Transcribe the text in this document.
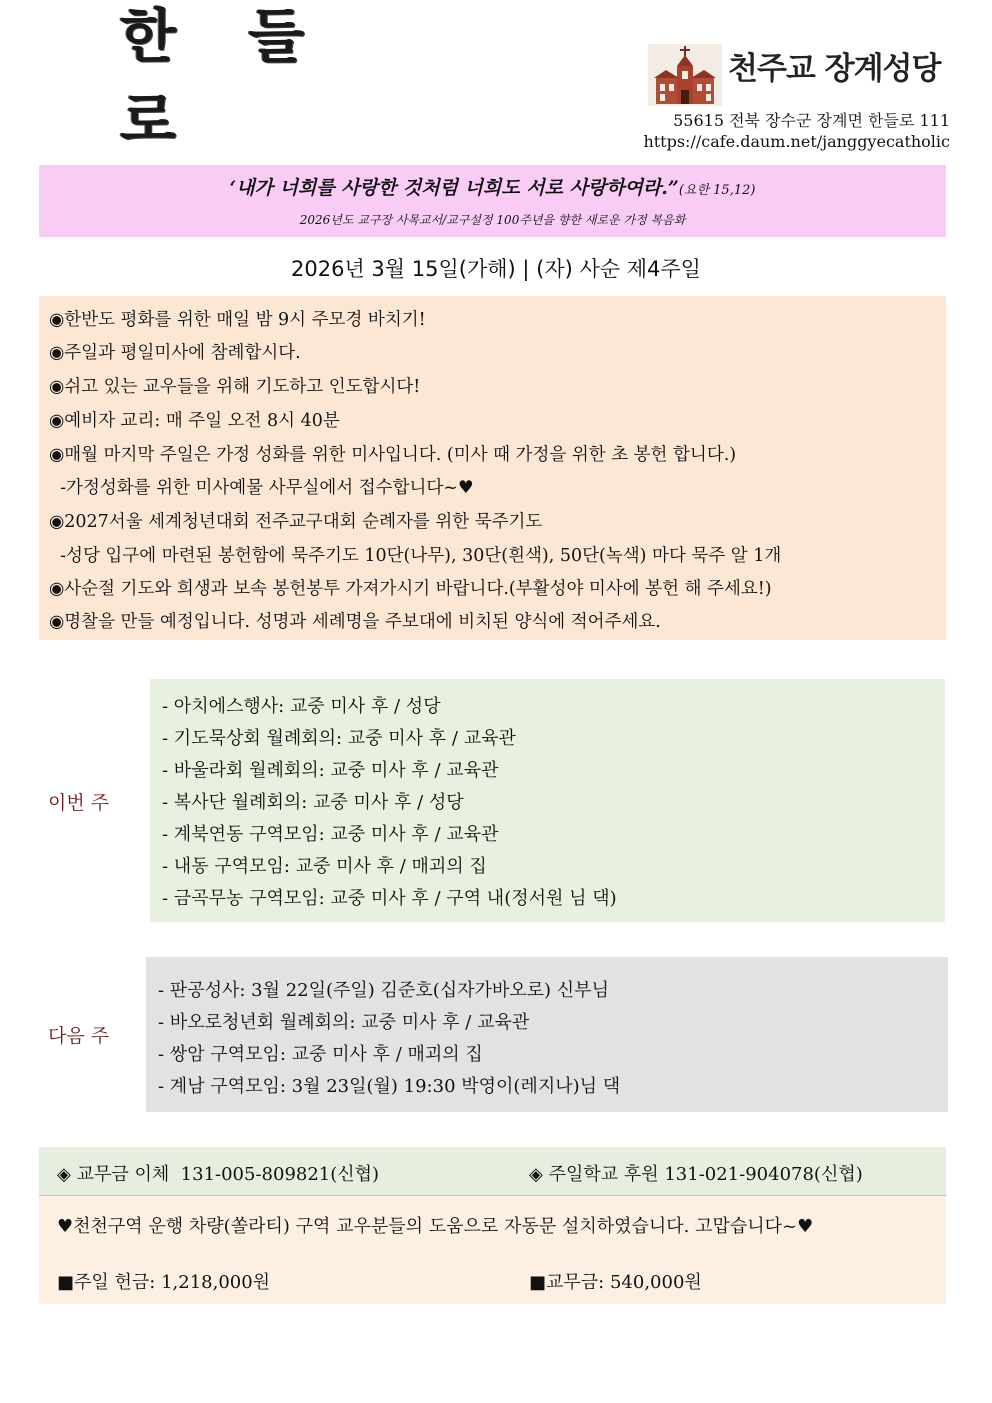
한 들 로
천주교 장계성당
55615 전북 장수군 장계면 한들로 111
https://cafe.daum.net/janggyecatholic
‘내가 너희를 사랑한 것처럼 너희도 서로 사랑하여라.”(요한 15,12)
2026년도 교구장 사목교서/교구설정 100주년을 향한 새로운 가정 복음화
2026년 3월 15일(가해) | (자) 사순 제4주일
◉한반도 평화를 위한 매일 밤 9시 주모경 바치기!
◉주일과 평일미사에 참례합시다.
◉쉬고 있는 교우들을 위해 기도하고 인도합시다!
◉예비자 교리: 매 주일 오전 8시 40분
◉매월 마지막 주일은 가정 성화를 위한 미사입니다. (미사 때 가정을 위한 초 봉헌 합니다.)
-가정성화를 위한 미사예물 사무실에서 접수합니다~♥
◉2027서울 세계청년대회 전주교구대회 순례자를 위한 묵주기도
-성당 입구에 마련된 봉헌함에 묵주기도 10단(나무), 30단(흰색), 50단(녹색) 마다 묵주 알 1개
◉사순절 기도와 희생과 보속 봉헌봉투 가져가시기 바랍니다.(부활성야 미사에 봉헌 해 주세요!)
◉명찰을 만들 예정입니다. 성명과 세례명을 주보대에 비치된 양식에 적어주세요.
이번 주
- 아치에스행사: 교중 미사 후 / 성당
- 기도묵상회 월례회의: 교중 미사 후 / 교육관
- 바울라회 월례회의: 교중 미사 후 / 교육관
- 복사단 월례회의: 교중 미사 후 / 성당
- 계북연동 구역모임: 교중 미사 후 / 교육관
- 내동 구역모임: 교중 미사 후 / 매괴의 집
- 금곡무농 구역모임: 교중 미사 후 / 구역 내(정서원 님 댁)
다음 주
- 판공성사: 3월 22일(주일) 김준호(십자가바오로) 신부님
- 바오로청년회 월례회의: 교중 미사 후 / 교육관
- 쌍암 구역모임: 교중 미사 후 / 매괴의 집
- 계남 구역모임: 3월 23일(월) 19:30 박영이(레지나)님 댁
◈ 교무금 이체  131-005-809821(신협)	◈ 주일학교 후원 131-021-904078(신협)
♥천천구역 운행 차량(쏠라티) 구역 교우분들의 도움으로 자동문 설치하였습니다. 고맙습니다~♥
■주일 헌금: 1,218,000원	■교무금: 540,000원
